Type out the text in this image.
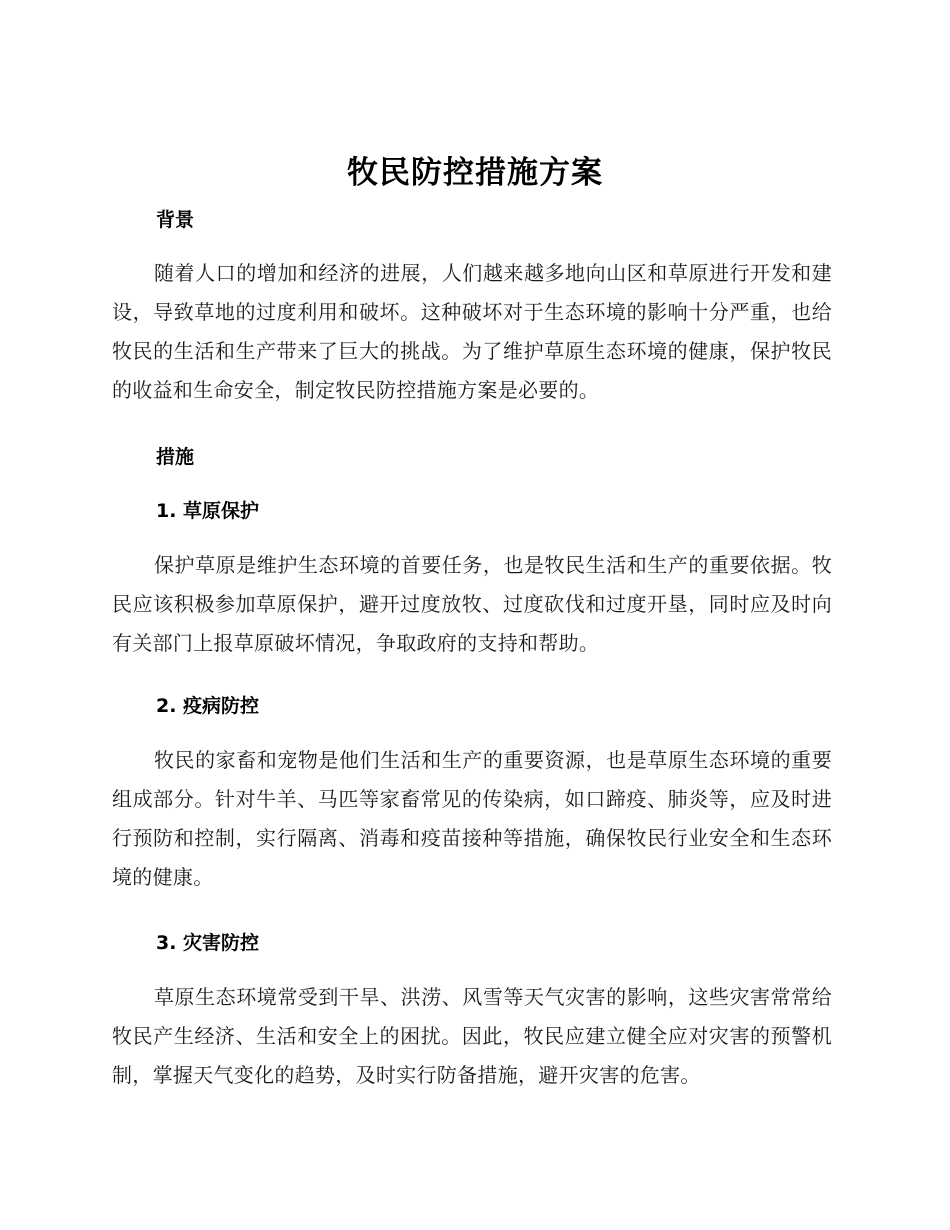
牧民防控措施方案
背景
随着人口的增加和经济的进展，人们越来越多地向山区和草原进行开发和建设，导致草地的过度利用和破坏。这种破坏对于生态环境的影响十分严重，也给牧民的生活和生产带来了巨大的挑战。为了维护草原生态环境的健康，保护牧民的收益和生命安全，制定牧民防控措施方案是必要的。
措施
1. 草原保护
保护草原是维护生态环境的首要任务，也是牧民生活和生产的重要依据。牧民应该积极参加草原保护，避开过度放牧、过度砍伐和过度开垦，同时应及时向有关部门上报草原破坏情况，争取政府的支持和帮助。
2. 疫病防控
牧民的家畜和宠物是他们生活和生产的重要资源，也是草原生态环境的重要组成部分。针对牛羊、马匹等家畜常见的传染病，如口蹄疫、肺炎等，应及时进行预防和控制，实行隔离、消毒和疫苗接种等措施，确保牧民行业安全和生态环境的健康。
3. 灾害防控
草原生态环境常受到干旱、洪涝、风雪等天气灾害的影响，这些灾害常常给牧民产生经济、生活和安全上的困扰。因此，牧民应建立健全应对灾害的预警机制，掌握天气变化的趋势，及时实行防备措施，避开灾害的危害。
